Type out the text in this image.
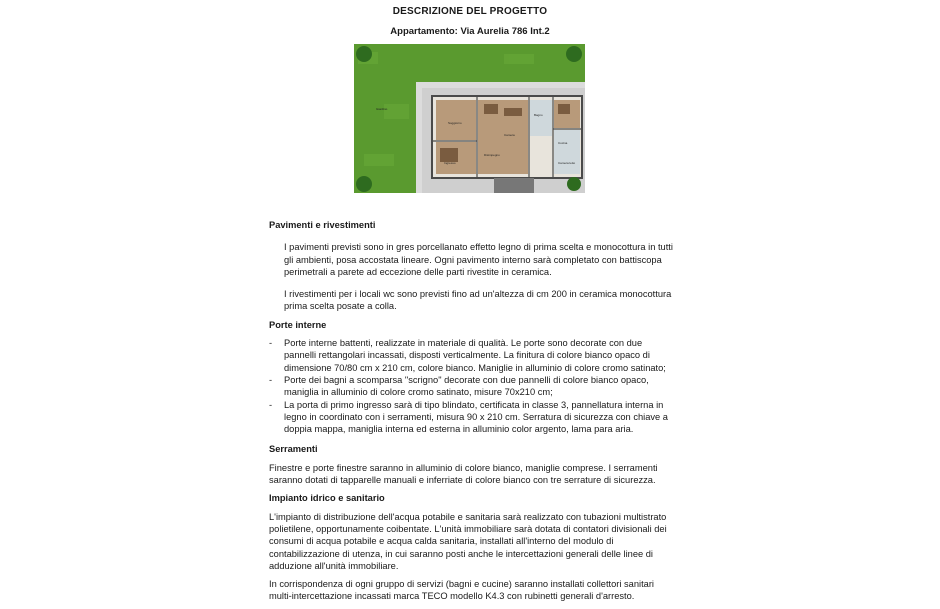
DESCRIZIONE DEL PROGETTO
Appartamento: Via Aurelia 786 Int.2
Giardino
Soggiorno
Camera
Bagno
Cucina
Disimpegno
Ingresso	Camera letto
Pavimenti e rivestimenti
I pavimenti previsti sono in gres porcellanato effetto legno di prima scelta e monocottura in tutti gli ambienti, posa accostata lineare. Ogni pavimento interno sarà completato con battiscopa perimetrali a parete ad eccezione delle parti rivestite in ceramica.
I rivestimenti per i locali wc sono previsti fino ad un'altezza di cm 200 in ceramica monocottura prima scelta posate a colla.
Porte interne
- Porte interne battenti, realizzate in materiale di qualità. Le porte sono decorate con due pannelli rettangolari incassati, disposti verticalmente. La finitura di colore bianco opaco di dimensione 70/80 cm x 210 cm, colore bianco. Maniglie in alluminio di colore cromo satinato;
- Porte dei bagni a scomparsa "scrigno" decorate con due pannelli di colore bianco opaco, maniglia in alluminio di colore cromo satinato, misure 70x210 cm;
- La porta di primo ingresso sarà di tipo blindato, certificata in classe 3, pannellatura interna in legno in coordinato con i serramenti, misura 90 x 210 cm. Serratura di sicurezza con chiave a doppia mappa, maniglia interna ed esterna in alluminio color argento, lama para aria.
Serramenti
Finestre e porte finestre saranno in alluminio di colore bianco, maniglie comprese. I serramenti saranno dotati di tapparelle manuali e inferriate di colore bianco con tre serrature di sicurezza.
Impianto idrico e sanitario
L'impianto di distribuzione dell'acqua potabile e sanitaria sarà realizzato con tubazioni multistrato polietilene, opportunamente coibentate. L'unità immobiliare sarà dotata di contatori divisionali dei consumi di acqua potabile e acqua calda sanitaria, installati all'interno del modulo di contabilizzazione di utenza, in cui saranno posti anche le intercettazioni generali delle linee di adduzione all'unità immobiliare.
In corrispondenza di ogni gruppo di servizi (bagni e cucine) saranno installati collettori sanitari multi-intercettazione incassati marca TECO modello K4.3 con rubinetti generali d'arresto.
